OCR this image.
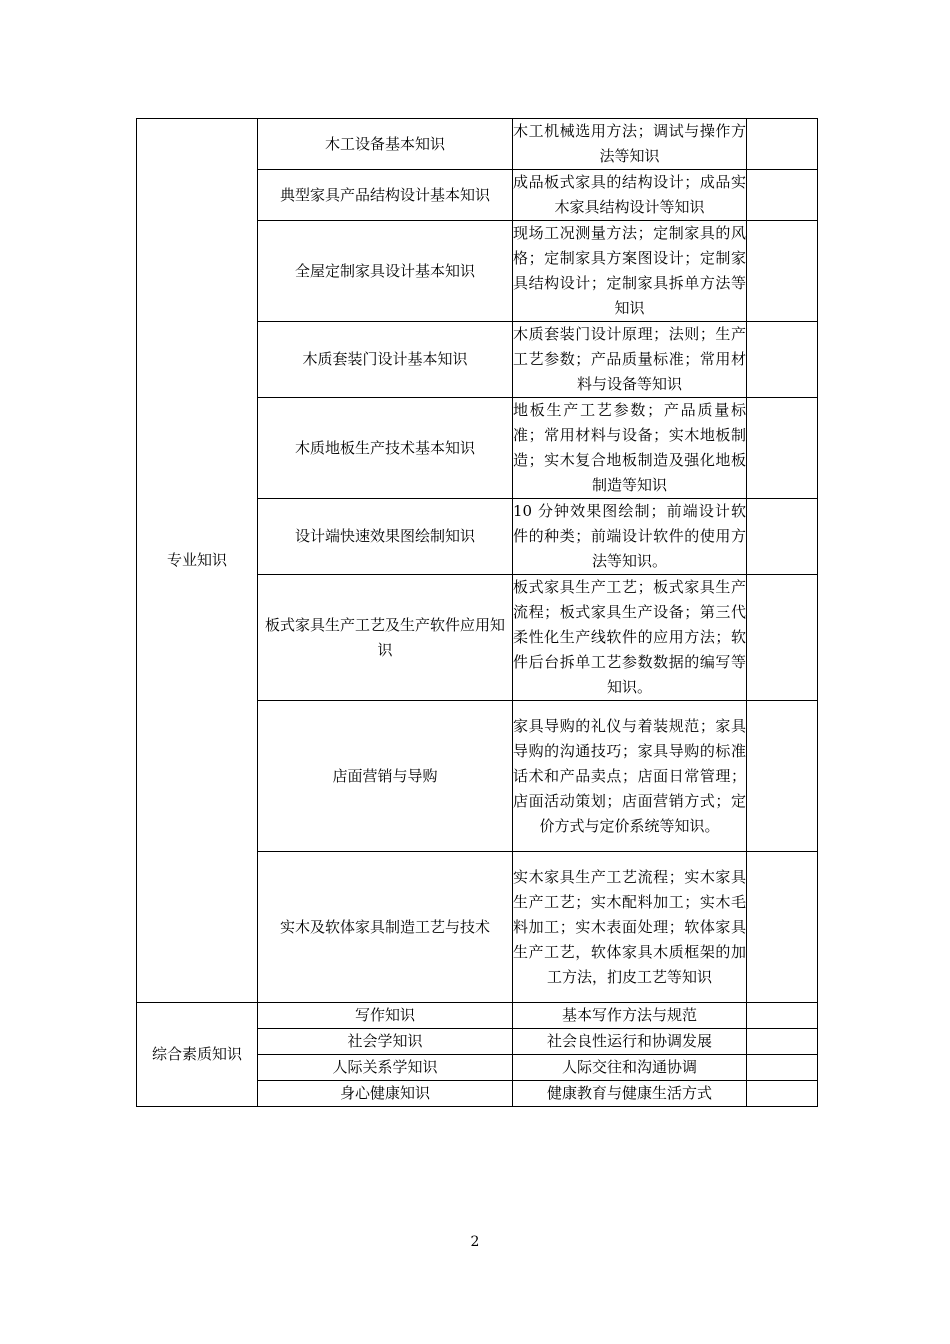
专业知识	木工设备基本知识	木工机械选用方法；调试与操作方法等知识	
	典型家具产品结构设计基本知识	成品板式家具的结构设计；成品实木家具结构设计等知识	
	全屋定制家具设计基本知识	现场工况测量方法；定制家具的风格；定制家具方案图设计；定制家具结构设计；定制家具拆单方法等知识	
	木质套装门设计基本知识	木质套装门设计原理；法则；生产工艺参数；产品质量标准；常用材料与设备等知识	
	木质地板生产技术基本知识	地板生产工艺参数；产品质量标准；常用材料与设备；实木地板制造；实木复合地板制造及强化地板制造等知识	
	设计端快速效果图绘制知识	10 分钟效果图绘制；前端设计软件的种类；前端设计软件的使用方法等知识。	
	板式家具生产工艺及生产软件应用知识	板式家具生产工艺；板式家具生产流程；板式家具生产设备；第三代柔性化生产线软件的应用方法；软件后台拆单工艺参数数据的编写等知识。	
	店面营销与导购	家具导购的礼仪与着装规范；家具导购的沟通技巧；家具导购的标准话术和产品卖点；店面日常管理；店面活动策划；店面营销方式；定价方式与定价系统等知识。	
	实木及软体家具制造工艺与技术	实木家具生产工艺流程；实木家具生产工艺；实木配料加工；实木毛料加工；实木表面处理；软体家具生产工艺，软体家具木质框架的加工方法，扪皮工艺等知识	
综合素质知识	写作知识	基本写作方法与规范	
	社会学知识	社会良性运行和协调发展	
	人际关系学知识	人际交往和沟通协调	
	身心健康知识	健康教育与健康生活方式	
2
